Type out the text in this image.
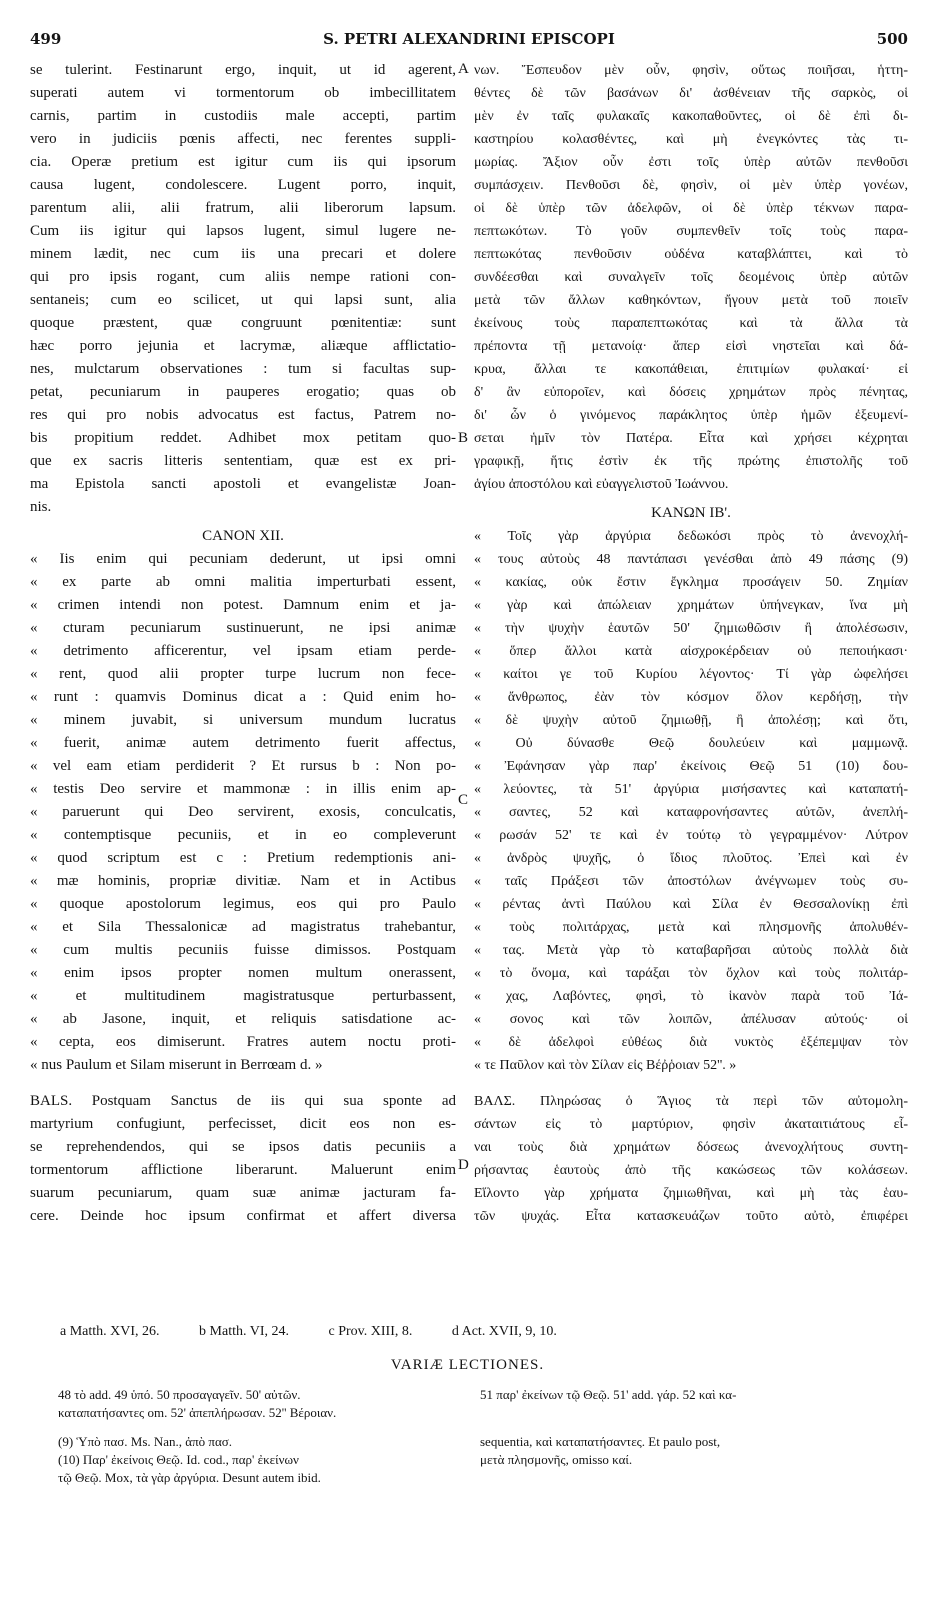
499	S. PETRI ALEXANDRINI EPISCOPI	500
se tulerint. Festinarunt ergo, inquit, ut id agerent,
superati autem vi tormentorum ob imbecillitatem
carnis, partim in custodiis male accepti, partim
vero in judiciis pœnis affecti, nec ferentes suppli-
cia. Operæ pretium est igitur cum iis qui ipsorum
causa lugent, condolescere. Lugent porro, inquit,
parentum alii, alii fratrum, alii liberorum lapsum.
Cum iis igitur qui lapsos lugent, simul lugere ne-
minem lædit, nec cum iis una precari et dolere
qui pro ipsis rogant, cum aliis nempe rationi con-
sentaneis; cum eo scilicet, ut qui lapsi sunt, alia
quoque præstent, quæ congruunt pœnitentiæ: sunt
hæc porro jejunia et lacrymæ, aliæque afflictatio-
nes, mulctarum observationes : tum si facultas sup-
petat, pecuniarum in pauperes erogatio; quas ob
res qui pro nobis advocatus est factus, Patrem no-
bis propitium reddet. Adhibet mox petitam quo-
que ex sacris litteris sententiam, quæ est ex pri-
ma Epistola sancti apostoli et evangelistæ Joan-
nis.
CANON XII.
« Iis enim qui pecuniam dederunt, ut ipsi omni
« ex parte ab omni malitia imperturbati essent,
« crimen intendi non potest. Damnum enim et ja-
« cturam pecuniarum sustinuerunt, ne ipsi animæ
« detrimento afficerentur, vel ipsam etiam perde-
« rent, quod alii propter turpe lucrum non fece-
« runt : quamvis Dominus dicat a : Quid enim ho-
« minem juvabit, si universum mundum lucratus
« fuerit, animæ autem detrimento fuerit affectus,
« vel eam etiam perdiderit ? Et rursus b : Non po-
« testis Deo servire et mammonæ : in illis enim ap-
« paruerunt qui Deo servirent, exosis, conculcatis,
« contemptisque pecuniis, et in eo compleverunt
« quod scriptum est c : Pretium redemptionis ani-
« mæ hominis, propriæ divitiæ. Nam et in Actibus
« quoque apostolorum legimus, eos qui pro Paulo
« et Sila Thessalonicæ ad magistratus trahebantur,
« cum multis pecuniis fuisse dimissos. Postquam
« enim ipsos propter nomen multum onerassent,
« et multitudinem magistratusque perturbassent,
« ab Jasone, inquit, et reliquis satisdatione ac-
« cepta, eos dimiserunt. Fratres autem noctu proti-
« nus Paulum et Silam miserunt in Berrœam d. »
BALS. Postquam Sanctus de iis qui sua sponte ad
martyrium confugiunt, perfecisset, dicit eos non es-
se reprehendendos, qui se ipsos datis pecuniis a
tormentorum afflictione liberarunt. Maluerunt enim
suarum pecuniarum, quam suæ animæ jacturam fa-
cere. Deinde hoc ipsum confirmat et affert diversa
νων. Ἔσπευδον μὲν οὖν, φησὶν, οὕτως ποιῆσαι, ἡττη-
θέντες δὲ τῶν βασάνων δι' ἀσθένειαν τῆς σαρκὸς, οἱ
μὲν ἐν ταῖς φυλακαῖς κακοπαθοῦντες, οἱ δὲ ἐπὶ δι-
καστηρίου κολασθέντες, καὶ μὴ ἐνεγκόντες τὰς τι-
μωρίας. Ἄξιον οὖν ἐστι τοῖς ὑπὲρ αὐτῶν πενθοῦσι
συμπάσχειν. Πενθοῦσι δὲ, φησὶν, οἱ μὲν ὑπὲρ γονέων,
οἱ δὲ ὑπὲρ τῶν ἀδελφῶν, οἱ δὲ ὑπὲρ τέκνων παρα-
πεπτωκότων. Τὸ γοῦν συμπενθεῖν τοῖς τοὺς παρα-
πεπτωκότας πενθοῦσιν οὐδένα καταβλάπτει, καὶ τὸ
συνδέεσθαι καὶ συναλγεῖν τοῖς δεομένοις ὑπὲρ αὐτῶν
μετὰ τῶν ἄλλων καθηκόντων, ἤγουν μετὰ τοῦ ποιεῖν
ἐκείνους τοὺς παραπεπτωκότας καὶ τὰ ἄλλα τὰ
πρέποντα τῇ μετανοίᾳ· ἅπερ εἰσὶ νηστεῖαι καὶ δά-
κρυα, ἄλλαι τε κακοπάθειαι, ἐπιτιμίων φυλακαί· εἰ
δ' ἂν εὐποροῖεν, καὶ δόσεις χρημάτων πρὸς πένητας,
δι' ὧν ὁ γινόμενος παράκλητος ὑπὲρ ἡμῶν ἐξευμενί-
σεται ἡμῖν τὸν Πατέρα. Εἶτα καὶ χρήσει κέχρηται
γραφικῇ, ἥτις ἐστὶν ἐκ τῆς πρώτης ἐπιστολῆς τοῦ
ἁγίου ἀποστόλου καὶ εὐαγγελιστοῦ Ἰωάννου.
ΚΑΝΩΝ ΙΒ'.
« Τοῖς γὰρ ἀργύρια δεδωκόσι πρὸς τὸ ἀνενοχλή-
« τους αὐτοὺς 48 παντάπασι γενέσθαι ἀπὸ 49 πάσης (9)
« κακίας, οὐκ ἔστιν ἔγκλημα προσάγειν 50. Ζημίαν
« γὰρ καὶ ἀπώλειαν χρημάτων ὑπήνεγκαν, ἵνα μὴ
« τὴν ψυχὴν ἑαυτῶν 50' ζημιωθῶσιν ἢ ἀπολέσωσιν,
« ὅπερ ἄλλοι κατὰ αἰσχροκέρδειαν οὐ πεποιήκασι·
« καίτοι γε τοῦ Κυρίου λέγοντος· Τί γὰρ ὠφελήσει
« ἄνθρωπος, ἐὰν τὸν κόσμον ὅλον κερδήσῃ, τὴν
« δὲ ψυχὴν αὐτοῦ ζημιωθῇ, ἢ ἀπολέσῃ; καὶ ὅτι,
« Οὐ δύνασθε Θεῷ δουλεύειν καὶ μαμμωνᾷ.
« Ἐφάνησαν γὰρ παρ' ἐκείνοις Θεῷ 51 (10) δου-
« λεύοντες, τὰ 51' ἀργύρια μισήσαντες καὶ καταπατή-
« σαντες, 52 καὶ καταφρονήσαντες αὐτῶν, ἀνεπλή-
« ρωσάν 52' τε καὶ ἐν τούτῳ τὸ γεγραμμένον· Λύτρον
« ἀνδρὸς ψυχῆς, ὁ ἴδιος πλοῦτος. Ἐπεὶ καὶ ἐν
« ταῖς Πράξεσι τῶν ἀποστόλων ἀνέγνωμεν τοὺς συ-
« ρέντας ἀντὶ Παύλου καὶ Σίλα ἐν Θεσσαλονίκῃ ἐπὶ
« τοὺς πολιτάρχας, μετὰ καὶ πλησμονῆς ἀπολυθέν-
« τας. Μετὰ γὰρ τὸ καταβαρῆσαι αὐτοὺς πολλὰ διὰ
« τὸ ὄνομα, καὶ ταράξαι τὸν ὄχλον καὶ τοὺς πολιτάρ-
« χας, Λαβόντες, φησὶ, τὸ ἱκανὸν παρὰ τοῦ Ἰά-
« σονος καὶ τῶν λοιπῶν, ἀπέλυσαν αὐτούς· οἱ
« δὲ ἀδελφοὶ εὐθέως διὰ νυκτὸς ἐξέπεμψαν τὸν
« τε Παῦλον καὶ τὸν Σίλαν εἰς Βέῤῥοιαν 52''. »
ΒΑΛΣ. Πληρώσας ὁ Ἅγιος τὰ περὶ τῶν αὐτομολη-
σάντων εἰς τὸ μαρτύριον, φησὶν ἀκαταιτιάτους εἶ-
ναι τοὺς διὰ χρημάτων δόσεως ἀνενοχλήτους συντη-
ρήσαντας ἑαυτοὺς ἀπὸ τῆς κακώσεως τῶν κολάσεων.
Εἵλοντο γὰρ χρήματα ζημιωθῆναι, καὶ μὴ τὰς ἑαυ-
τῶν ψυχάς. Εἶτα κατασκευάζων τοῦτο αὐτὸ, ἐπιφέρει
A
B
C
D
a Matth. XVI, 26.	b Matth. VI, 24.	c Prov. XIII, 8.	d Act. XVII, 9, 10.
VARIÆ LECTIONES.
48 τὸ add. 49 ὑπό. 50 προσαγαγεῖν. 50' αὐτῶν.
καταπατήσαντες om. 52' ἀπεπλήρωσαν. 52'' Βέροιαν.
51 παρ' ἐκείνων τῷ Θεῷ. 51' add. γάρ. 52 καὶ κα-
(9) Ὑπὸ πασ. Ms. Nan., ἀπὸ πασ.
(10) Παρ' ἐκείνοις Θεῷ. Id. cod., παρ' ἐκείνων
τῷ Θεῷ. Mox, τὰ γὰρ ἀργύρια. Desunt autem ibid.
sequentia, καὶ καταπατήσαντες. Et paulo post,
μετὰ πλησμονῆς, omisso καί.
